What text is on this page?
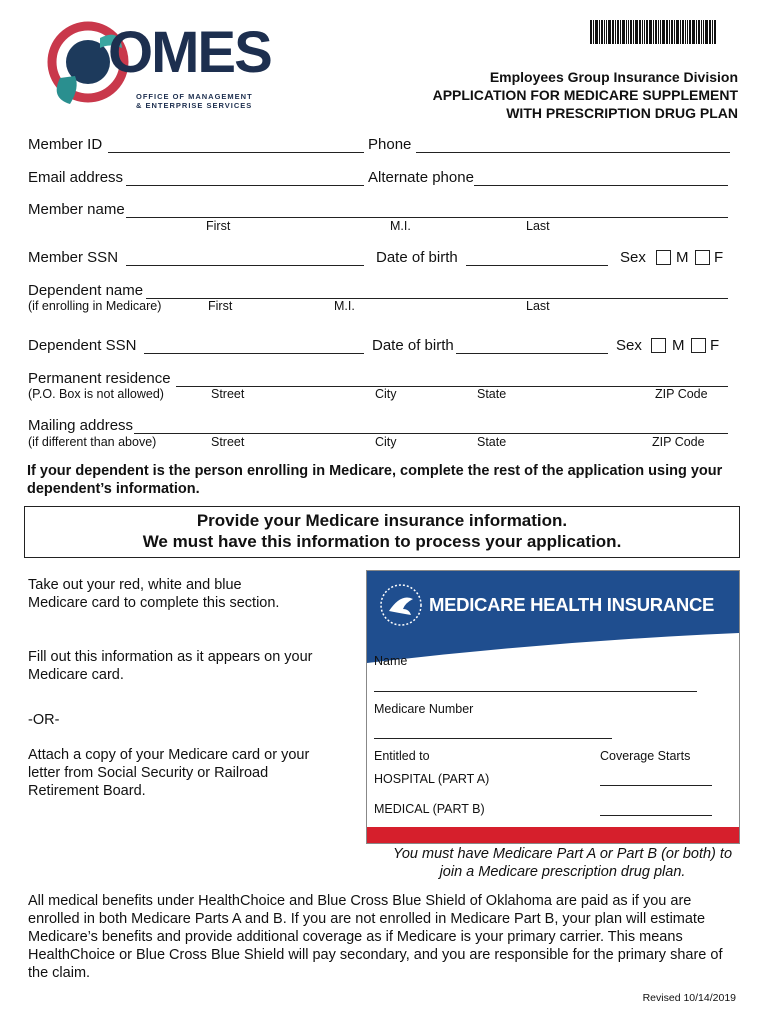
OMES
OFFICE OF MANAGEMENT
& ENTERPRISE SERVICES
Employees Group Insurance Division
APPLICATION FOR MEDICARE SUPPLEMENT
WITH PRESCRIPTION DRUG PLAN
Member ID	Phone
Email address	Alternate phone
Member name
First	M.I.	Last
Member SSN	Date of birth	Sex M F
Dependent name
(if enrolling in Medicare)	First	M.I.	Last
Dependent SSN	Date of birth	Sex M F
Permanent residence
(P.O. Box is not allowed)	Street	City	State	ZIP Code
Mailing address
(if different than above)	Street	City	State	ZIP Code
If your dependent is the person enrolling in Medicare, complete the rest of the application using your dependent’s information.
Provide your Medicare insurance information.
We must have this information to process your application.
Take out your red, white and blue Medicare card to complete this section.
Fill out this information as it appears on your Medicare card.
-OR-
Attach a copy of your Medicare card or your letter from Social Security or Railroad Retirement Board.
MEDICARE HEALTH INSURANCE
Name
Medicare Number
Entitled to	Coverage Starts
HOSPITAL (PART A)
MEDICAL (PART B)
You must have Medicare Part A or Part B (or both) to join a Medicare prescription drug plan.
All medical benefits under HealthChoice and Blue Cross Blue Shield of Oklahoma are paid as if you are enrolled in both Medicare Parts A and B. If you are not enrolled in Medicare Part B, your plan will estimate Medicare’s benefits and provide additional coverage as if Medicare is your primary carrier. This means HealthChoice or Blue Cross Blue Shield will pay secondary, and you are responsible for the primary share of the claim.
Revised 10/14/2019
